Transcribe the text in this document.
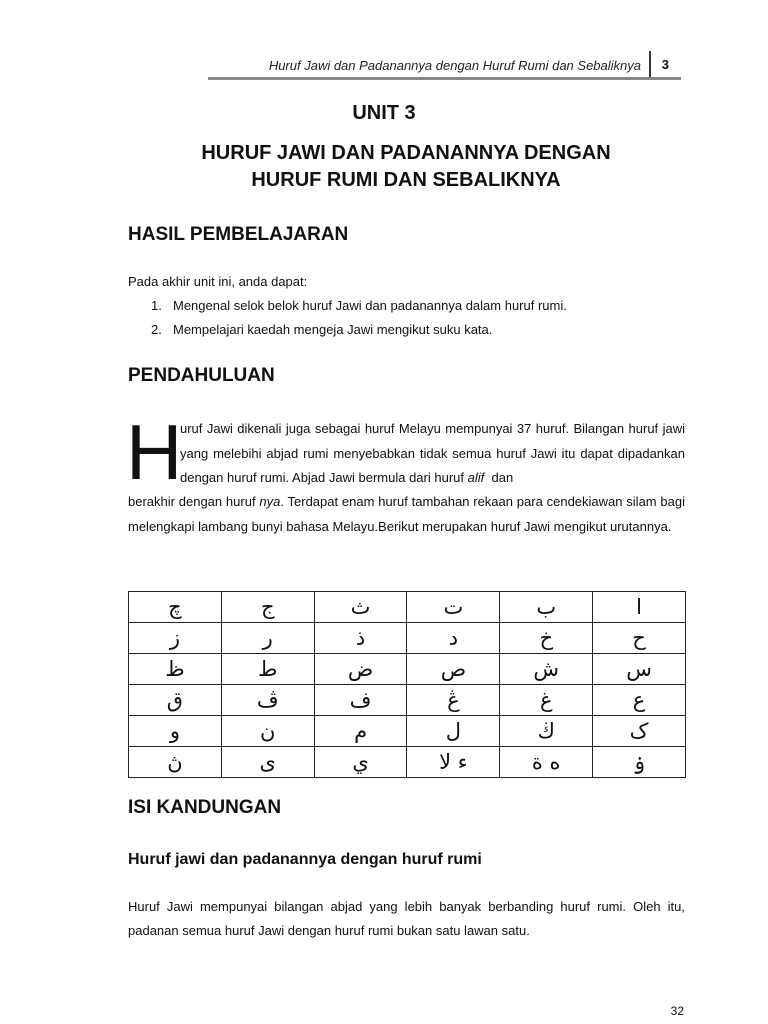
Huruf Jawi dan Padanannya dengan Huruf Rumi dan Sebaliknya 3
UNIT 3
HURUF JAWI DAN PADANANNYA DENGAN
HURUF RUMI DAN SEBALIKNYA
HASIL PEMBELAJARAN
Pada akhir unit ini, anda dapat:
1. Mengenal selok belok huruf Jawi dan padanannya dalam huruf rumi.
2. Mempelajari kaedah mengeja Jawi mengikut suku kata.
PENDAHULUAN
H
uruf Jawi dikenali juga sebagai huruf Melayu mempunyai 37 huruf. Bilangan huruf jawi yang melebihi abjad rumi menyebabkan tidak semua huruf Jawi itu dapat dipadankan dengan huruf rumi. Abjad Jawi bermula dari huruf alif dan
berakhir dengan huruf nya. Terdapat enam huruf tambahan rekaan para cendekiawan silam bagi melengkapi lambang bunyi bahasa Melayu.Berikut merupakan huruf Jawi mengikut urutannya.
چ	ج	ث	ت	ب	ا
ز	ر	ذ	د	خ	ح
ظ	ط	ض	ص	ش	س
ق	ڤ	ف	ڠ	غ	ع
و	ن	م	ل	ڬ	ک
ڽ	ى	ي	ء لا	ه ة	ۏ
ISI KANDUNGAN
Huruf jawi dan padanannya dengan huruf rumi
Huruf Jawi mempunyai bilangan abjad yang lebih banyak berbanding huruf rumi. Oleh itu, padanan semua huruf Jawi dengan huruf rumi bukan satu lawan satu.
32
